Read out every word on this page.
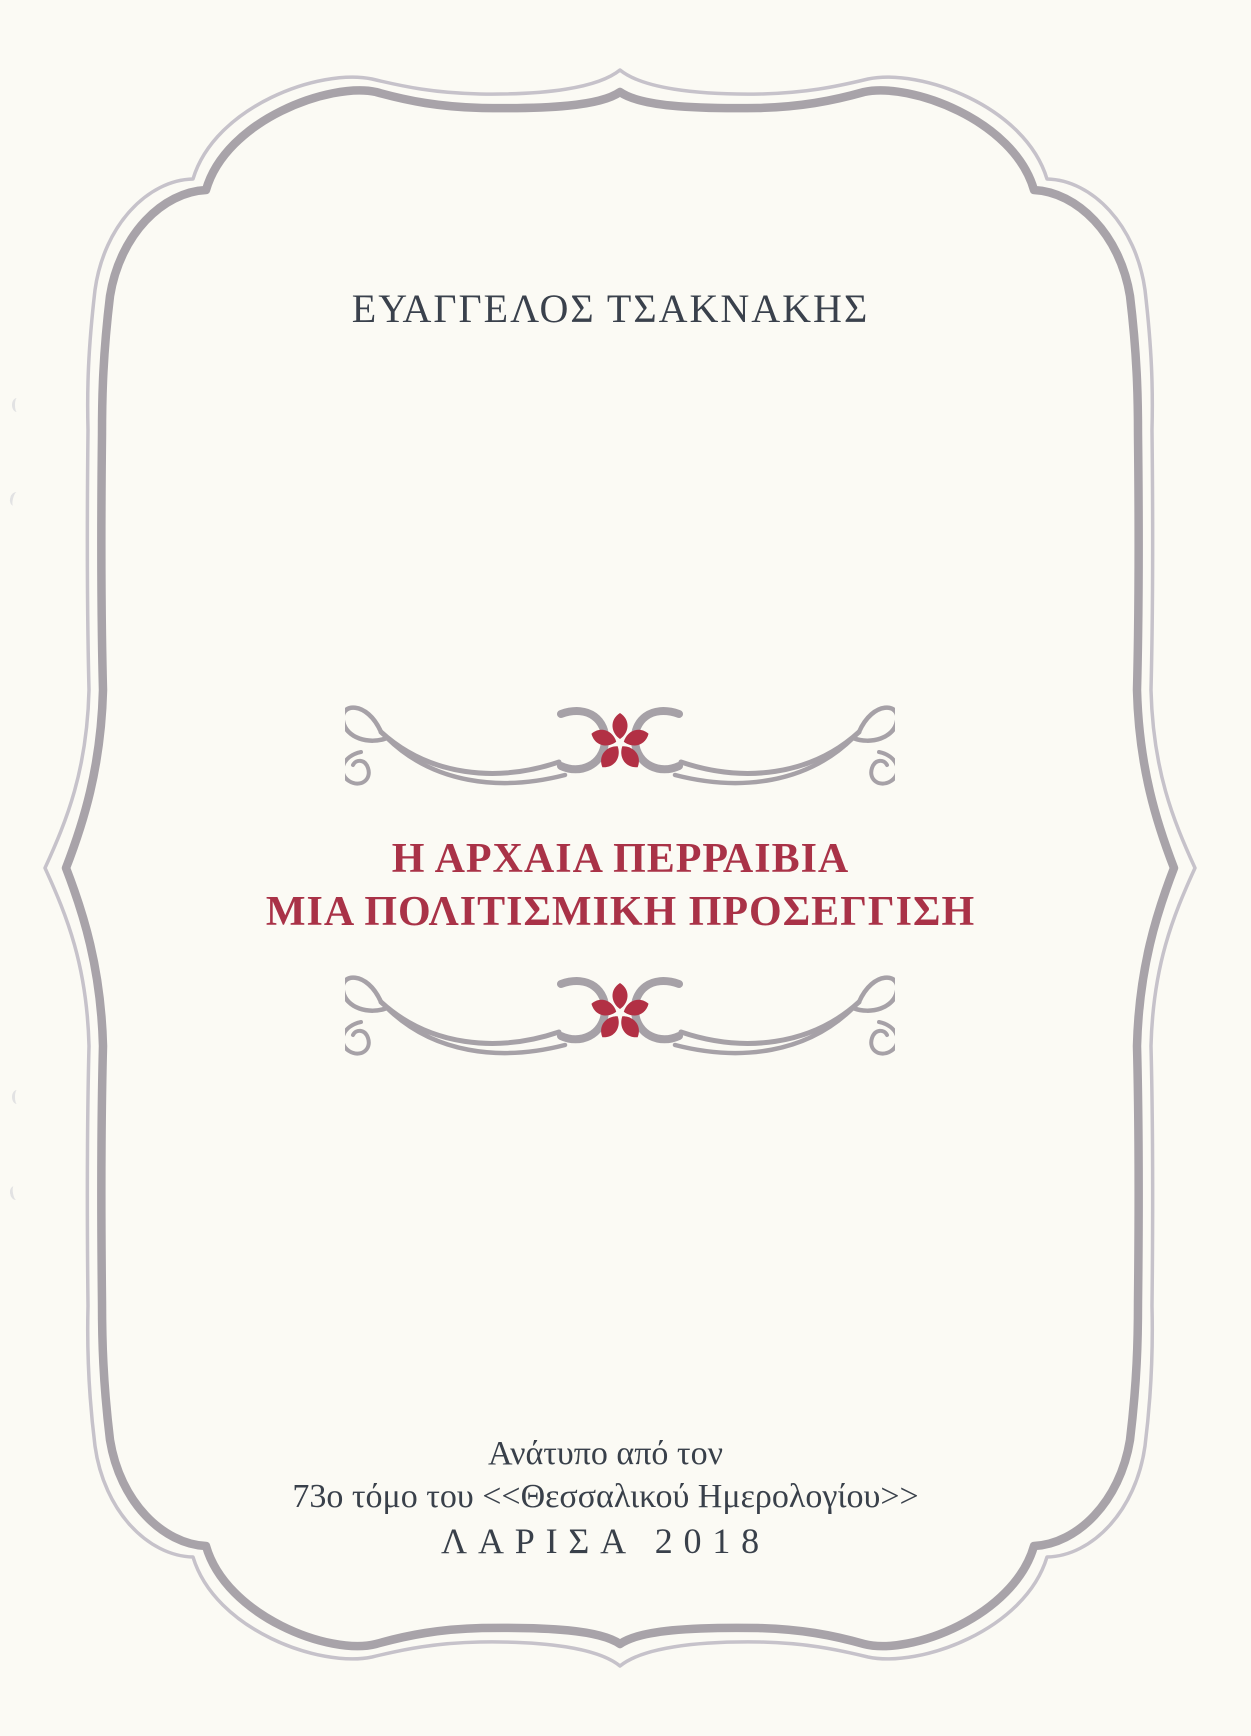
ΕΥΑΓΓΕΛΟΣ ΤΣΑΚΝΑΚΗΣ
Η ΑΡΧΑΙΑ ΠΕΡΡΑΙΒΙΑ
ΜΙΑ ΠΟΛΙΤΙΣΜΙΚΗ ΠΡΟΣΕΓΓΙΣΗ
Ανάτυπο από τον
73ο τόμο του <<Θεσσαλικού Ημερολογίου>>
ΛΑΡΙΣΑ 2018
